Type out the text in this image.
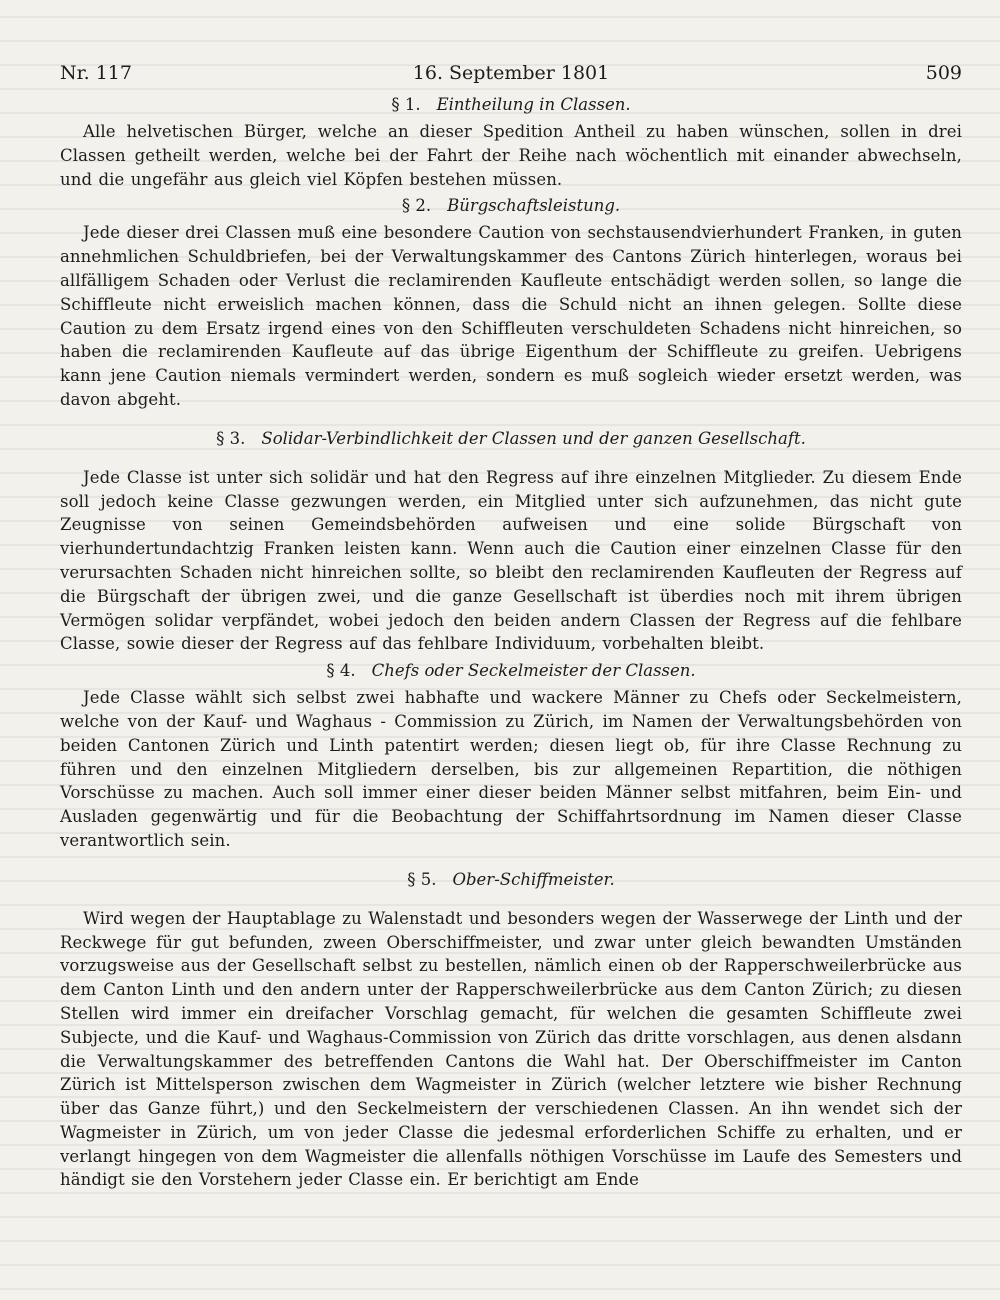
Nr. 117	16. September 1801	509
§ 1. Eintheilung in Classen.

Alle helvetischen Bürger, welche an dieser Spedition Antheil zu haben wünschen, sollen in drei Classen getheilt werden, welche bei der Fahrt der Reihe nach wöchentlich mit einander abwechseln, und die ungefähr aus gleich viel Köpfen bestehen müssen.

§ 2. Bürgschaftsleistung.

Jede dieser drei Classen muß eine besondere Caution von sechstausendvierhundert Franken, in guten annehmlichen Schuldbriefen, bei der Verwaltungskammer des Cantons Zürich hinterlegen, woraus bei allfälligem Schaden oder Verlust die reclamirenden Kaufleute entschädigt werden sollen, so lange die Schiffleute nicht erweislich machen können, dass die Schuld nicht an ihnen gelegen. Sollte diese Caution zu dem Ersatz irgend eines von den Schiffleuten verschuldeten Schadens nicht hinreichen, so haben die reclamirenden Kaufleute auf das übrige Eigenthum der Schiffleute zu greifen. Uebrigens kann jene Caution niemals vermindert werden, sondern es muß sogleich wieder ersetzt werden, was davon abgeht.

§ 3. Solidar-Verbindlichkeit der Classen und der ganzen Gesellschaft.

Jede Classe ist unter sich solidär und hat den Regress auf ihre einzelnen Mitglieder. Zu diesem Ende soll jedoch keine Classe gezwungen werden, ein Mitglied unter sich aufzunehmen, das nicht gute Zeugnisse von seinen Gemeindsbehörden aufweisen und eine solide Bürgschaft von vierhundertundachtzig Franken leisten kann. Wenn auch die Caution einer einzelnen Classe für den verursachten Schaden nicht hinreichen sollte, so bleibt den reclamirenden Kaufleuten der Regress auf die Bürgschaft der übrigen zwei, und die ganze Gesellschaft ist überdies noch mit ihrem übrigen Vermögen solidar verpfändet, wobei jedoch den beiden andern Classen der Regress auf die fehlbare Classe, sowie dieser der Regress auf das fehlbare Individuum, vorbehalten bleibt.

§ 4. Chefs oder Seckelmeister der Classen.

Jede Classe wählt sich selbst zwei habhafte und wackere Männer zu Chefs oder Seckelmeistern, welche von der Kauf- und Waghaus - Commission zu Zürich, im Namen der Verwaltungsbehörden von beiden Cantonen Zürich und Linth patentirt werden; diesen liegt ob, für ihre Classe Rechnung zu führen und den einzelnen Mitgliedern derselben, bis zur allgemeinen Repartition, die nöthigen Vorschüsse zu machen. Auch soll immer einer dieser beiden Männer selbst mitfahren, beim Ein- und Ausladen gegenwärtig und für die Beobachtung der Schiffahrtsordnung im Namen dieser Classe verantwortlich sein.

§ 5. Ober-Schiffmeister.

Wird wegen der Hauptablage zu Walenstadt und besonders wegen der Wasserwege der Linth und der Reckwege für gut befunden, zween Oberschiffmeister, und zwar unter gleich bewandten Umständen vorzugsweise aus der Gesellschaft selbst zu bestellen, nämlich einen ob der Rapperschweilerbrücke aus dem Canton Linth und den andern unter der Rapperschweilerbrücke aus dem Canton Zürich; zu diesen Stellen wird immer ein dreifacher Vorschlag gemacht, für welchen die gesamten Schiffleute zwei Subjecte, und die Kauf- und Waghaus-Commission von Zürich das dritte vorschlagen, aus denen alsdann die Verwaltungskammer des betreffenden Cantons die Wahl hat. Der Oberschiffmeister im Canton Zürich ist Mittelsperson zwischen dem Wagmeister in Zürich (welcher letztere wie bisher Rechnung über das Ganze führt,) und den Seckelmeistern der verschiedenen Classen. An ihn wendet sich der Wagmeister in Zürich, um von jeder Classe die jedesmal erforderlichen Schiffe zu erhalten, und er verlangt hingegen von dem Wagmeister die allenfalls nöthigen Vorschüsse im Laufe des Semesters und händigt sie den Vorstehern jeder Classe ein. Er berichtigt am Ende
